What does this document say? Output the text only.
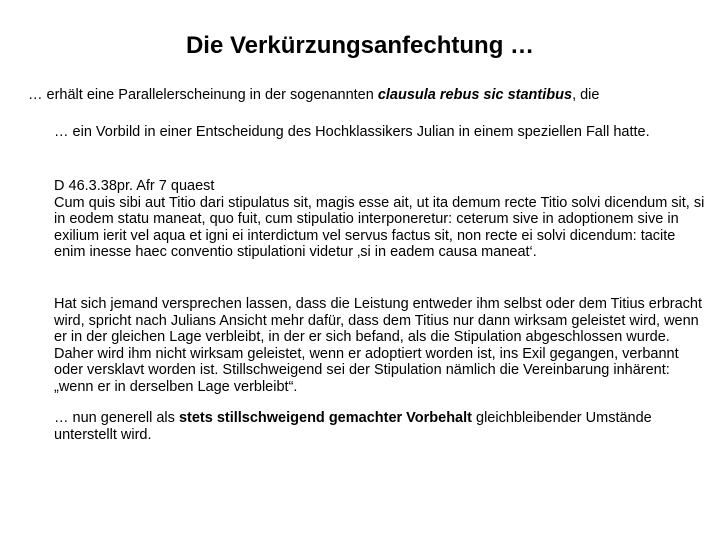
Die Verkürzungsanfechtung …
… erhält eine Parallelerscheinung in der sogenannten clausula rebus sic stantibus, die
… ein Vorbild in einer Entscheidung des Hochklassikers Julian in einem speziellen Fall hatte.
D 46.3.38pr. Afr 7 quaest
Cum quis sibi aut Titio dari stipulatus sit, magis esse ait, ut ita demum recte Titio solvi dicendum sit, si in eodem statu maneat, quo fuit, cum stipulatio interponeretur: ceterum sive in adoptionem sive in exilium ierit vel aqua et igni ei interdictum vel servus factus sit, non recte ei solvi dicendum: tacite enim inesse haec conventio stipulationi videtur ‚si in eadem causa maneat‘.
Hat sich jemand versprechen lassen, dass die Leistung entweder ihm selbst oder dem Titius erbracht wird, spricht nach Julians Ansicht mehr dafür, dass dem Titius nur dann wirksam geleistet wird, wenn er in der gleichen Lage verbleibt, in der er sich befand, als die Stipulation abgeschlossen wurde. Daher wird ihm nicht wirksam geleistet, wenn er adoptiert worden ist, ins Exil gegangen, verbannt oder versklavt worden ist. Stillschweigend sei der Stipulation nämlich die Vereinbarung inhärent: „wenn er in derselben Lage verbleibt“.
… nun generell als stets stillschweigend gemachter Vorbehalt gleichbleibender Umstände unterstellt wird.
